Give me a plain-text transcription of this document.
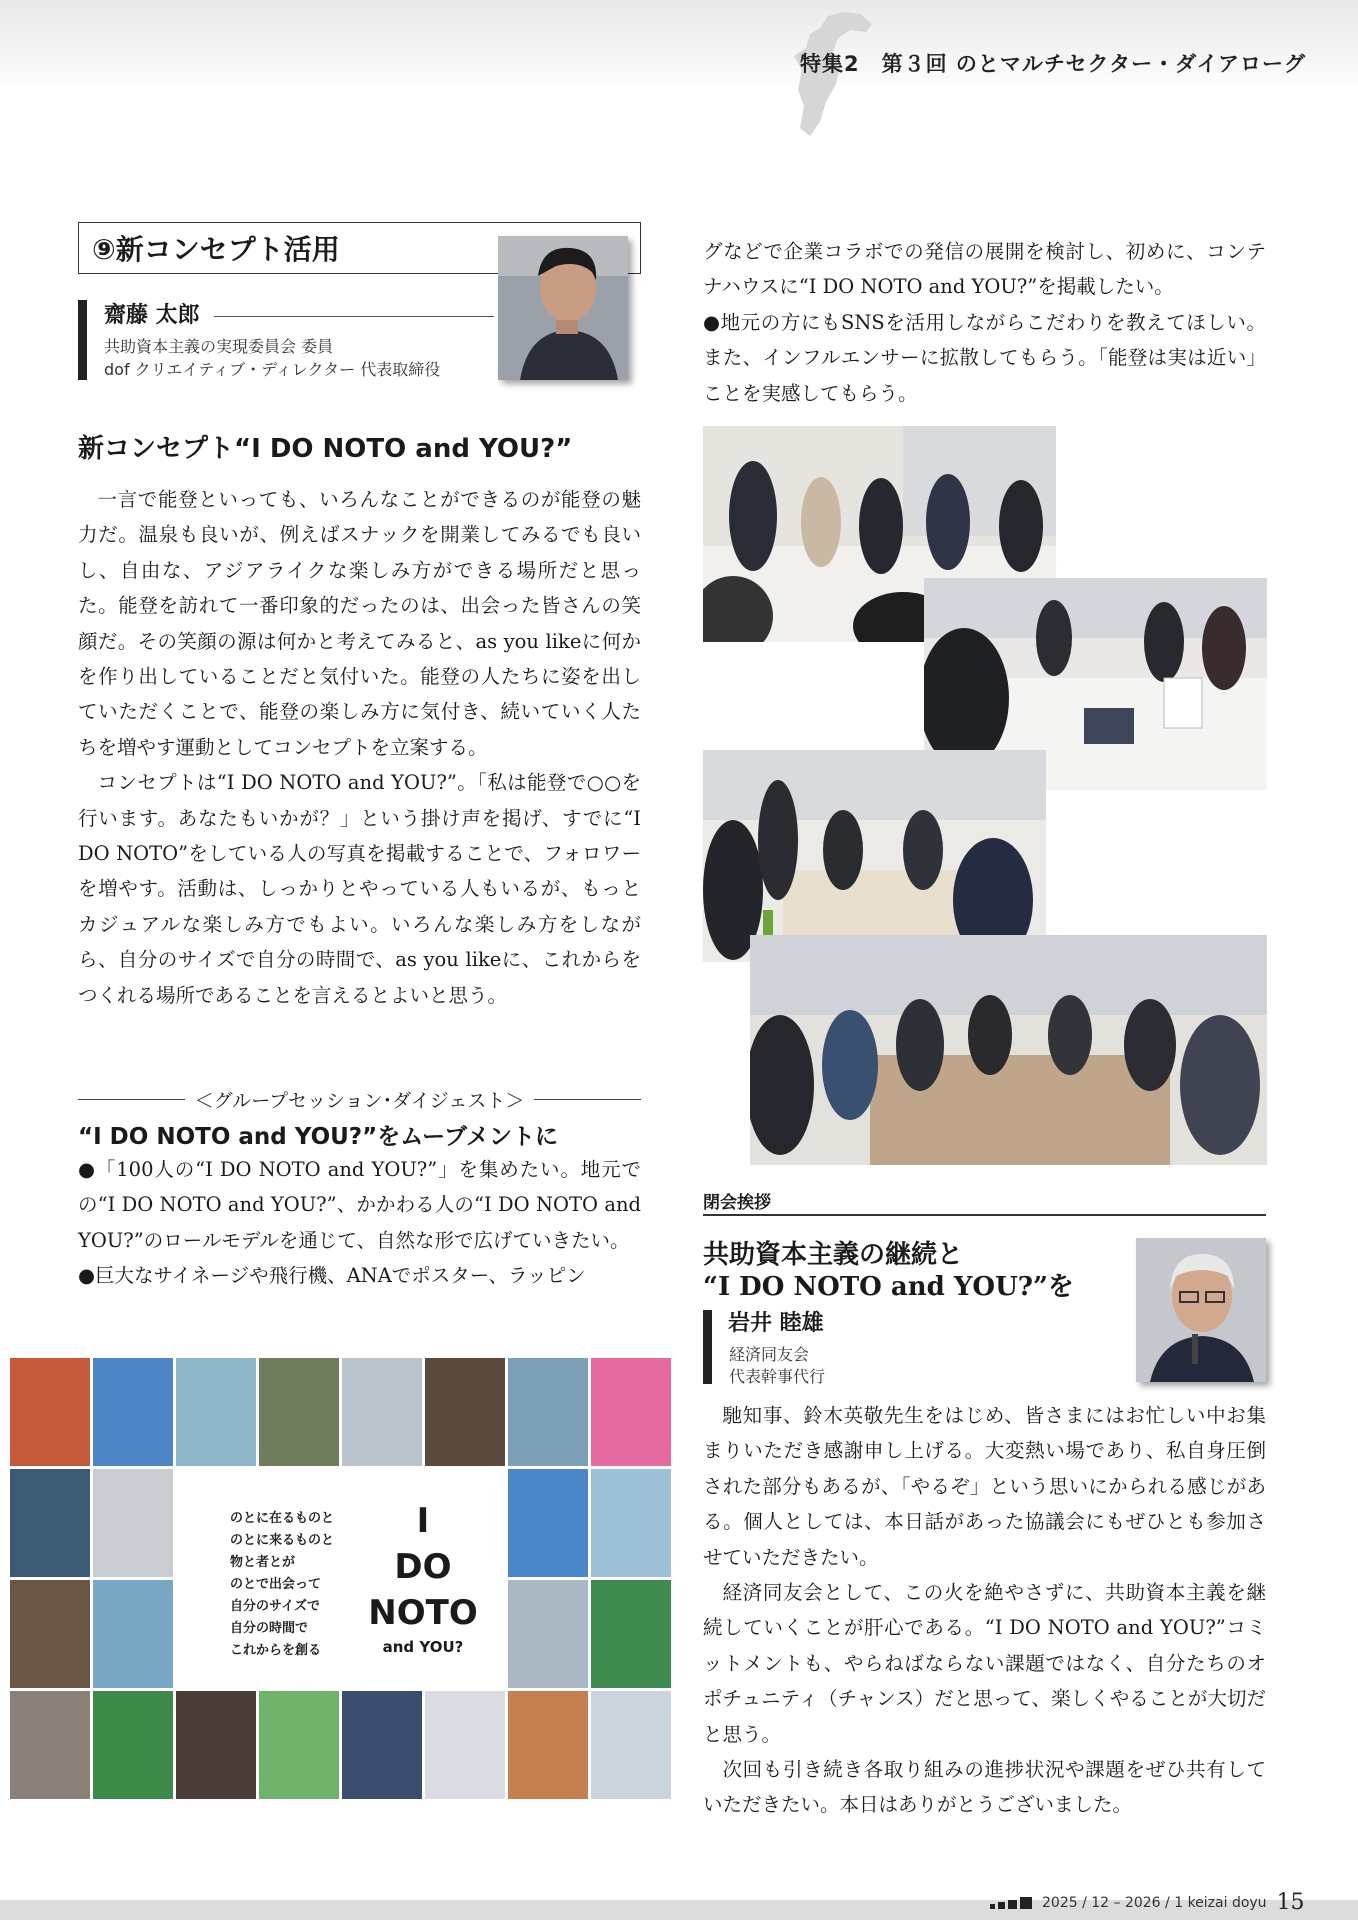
特集2　第３回 のとマルチセクター・ダイアローグ
⑨新コンセプト活用
齋藤 太郎
共助資本主義の実現委員会 委員
dof クリエイティブ・ディレクター 代表取締役
新コンセプト“I DO NOTO and YOU?”

一言で能登といっても、いろんなことができるのが能登の魅力だ。温泉も良いが、例えばスナックを開業してみるでも良いし、自由な、アジアライクな楽しみ方ができる場所だと思った。能登を訪れて一番印象的だったのは、出会った皆さんの笑顔だ。その笑顔の源は何かと考えてみると、as you likeに何かを作り出していることだと気付いた。能登の人たちに姿を出していただくことで、能登の楽しみ方に気付き、続いていく人たちを増やす運動としてコンセプトを立案する。

コンセプトは“I DO NOTO and YOU?”。「私は能登で○○を行います。あなたもいかが？」という掛け声を掲げ、すでに“I DO NOTO”をしている人の写真を掲載することで、フォロワーを増やす。活動は、しっかりとやっている人もいるが、もっとカジュアルな楽しみ方でもよい。いろんな楽しみ方をしながら、自分のサイズで自分の時間で、as you likeに、これからをつくれる場所であることを言えるとよいと思う。

＜グループセッション･ダイジェスト＞
“I DO NOTO and YOU?”をムーブメントに

●「100人の“I DO NOTO and YOU?”」を集めたい。地元での“I DO NOTO and YOU?”、かかわる人の“I DO NOTO and YOU?”のロールモデルを通じて、自然な形で広げていきたい。

●巨大なサイネージや飛行機、ANAでポスター、ラッピン

のとに在るものと
のとに来るものと
物と者とが
のとで出会って
自分のサイズで
自分の時間で
これからを創る
I
DO
NOTO
and YOU?

グなどで企業コラボでの発信の展開を検討し、初めに、コンテナハウスに“I DO NOTO and YOU?”を掲載したい。

●地元の方にもSNSを活用しながらこだわりを教えてほしい。また、インフルエンサーに拡散してもらう。「能登は実は近い」ことを実感してもらう。

閉会挨拶
共助資本主義の継続と
“I DO NOTO and YOU?”を
岩井 睦雄
経済同友会
代表幹事代行

馳知事、鈴木英敬先生をはじめ、皆さまにはお忙しい中お集まりいただき感謝申し上げる。大変熱い場であり、私自身圧倒された部分もあるが、「やるぞ」という思いにかられる感じがある。個人としては、本日話があった協議会にもぜひとも参加させていただきたい。

経済同友会として、この火を絶やさずに、共助資本主義を継続していくことが肝心である。“I DO NOTO and YOU?”コミットメントも、やらねばならない課題ではなく、自分たちのオポチュニティ（チャンス）だと思って、楽しくやることが大切だと思う。

次回も引き続き各取り組みの進捗状況や課題をぜひ共有していただきたい。本日はありがとうございました。

2025 / 12 – 2026 / 1 keizai doyu 15
